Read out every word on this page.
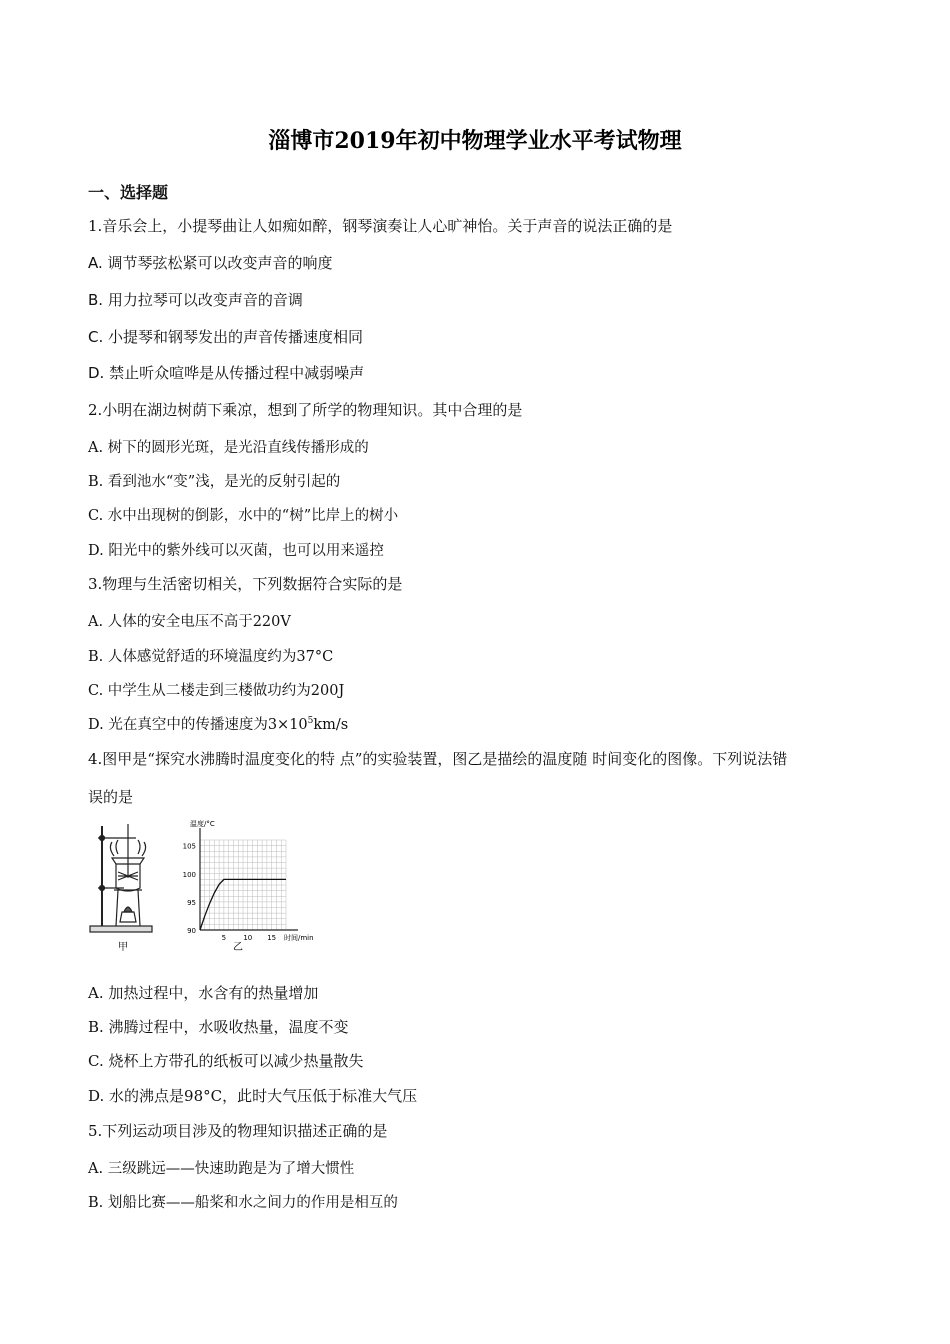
淄博市2019年初中物理学业水平考试物理
一、选择题
1.音乐会上，小提琴曲让人如痴如醉，钢琴演奏让人心旷神怡。关于声音的说法正确的是
A. 调节琴弦松紧可以改变声音的响度
B. 用力拉琴可以改变声音的音调
C. 小提琴和钢琴发出的声音传播速度相同
D. 禁止听众喧哗是从传播过程中减弱噪声
2.小明在湖边树荫下乘凉，想到了所学的物理知识。其中合理的是
A. 树下的圆形光斑，是光沿直线传播形成的
B. 看到池水“变”浅，是光的反射引起的
C. 水中出现树的倒影，水中的“树”比岸上的树小
D. 阳光中的紫外线可以灭菌，也可以用来遥控
3.物理与生活密切相关，下列数据符合实际的是
A. 人体的安全电压不高于220V
B. 人体感觉舒适的环境温度约为37°C
C. 中学生从二楼走到三楼做功约为200J
D. 光在真空中的传播速度为$3\times 10^5km/s$
4.图甲是“探究水沸腾时温度变化的特 点”的实验装置，图乙是描绘的温度随 时间变化的图像。下列说法错
误的是
甲
90
95
100
105
5 10 15
温度/°C
时间/min
乙
A. 加热过程中，水含有的热量增加
B. 沸腾过程中，水吸收热量，温度不变
C. 烧杯上方带孔的纸板可以减少热量散失
D. 水的沸点是98°C，此时大气压低于标准大气压
5.下列运动项目涉及的物理知识描述正确的是
A. 三级跳远——快速助跑是为了增大惯性
B. 划船比赛——船桨和水之间力的作用是相互的
